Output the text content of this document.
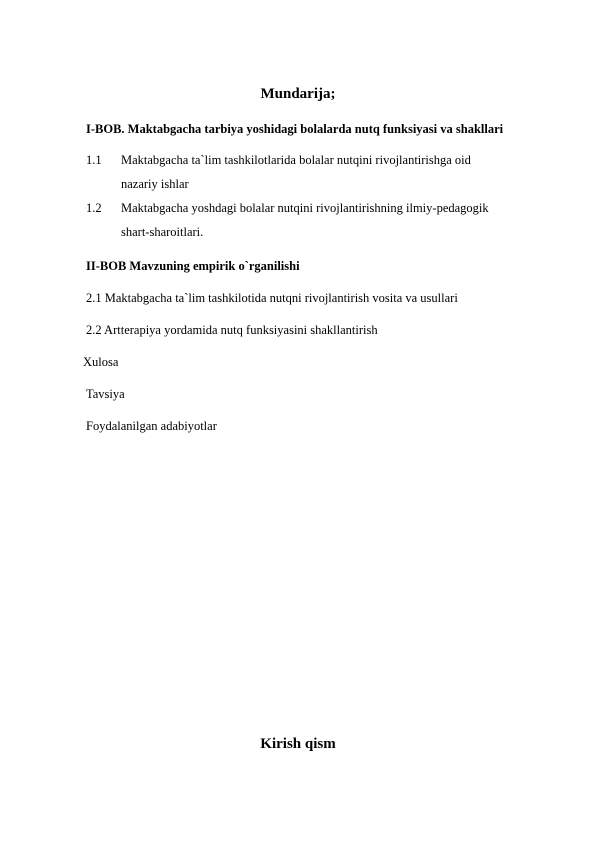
Mundarija;
I-BOB. Maktabgacha tarbiya yoshidagi bolalarda nutq funksiyasi va shakllari
1.1 Maktabgacha ta`lim tashkilotlarida bolalar nutqini rivojlantirishga oid
nazariy ishlar
1.2 Maktabgacha yoshdagi bolalar nutqini rivojlantirishning ilmiy-pedagogik
shart-sharoitlari.
II-BOB Mavzuning empirik o`rganilishi
2.1 Maktabgacha ta`lim tashkilotida nutqni rivojlantirish vosita va usullari
2.2 Artterapiya yordamida nutq funksiyasini shakllantirish
Xulosa
Tavsiya
Foydalanilgan adabiyotlar
Kirish qism
